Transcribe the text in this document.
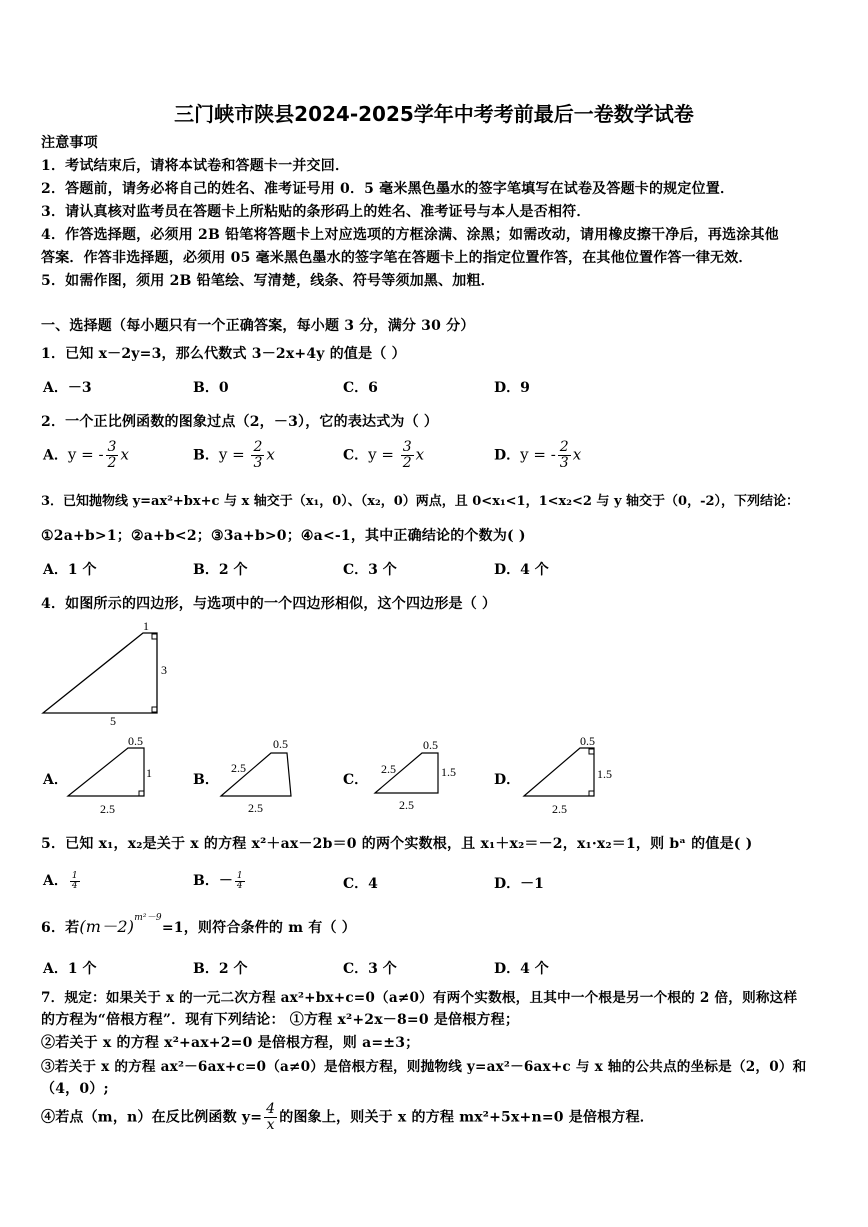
三门峡市陕县2024-2025学年中考考前最后一卷数学试卷
注意事项
1．考试结束后，请将本试卷和答题卡一并交回．
2．答题前，请务必将自己的姓名、准考证号用 0．5 毫米黑色墨水的签字笔填写在试卷及答题卡的规定位置．
3．请认真核对监考员在答题卡上所粘贴的条形码上的姓名、准考证号与本人是否相符．
4．作答选择题，必须用 2B 铅笔将答题卡上对应选项的方框涂满、涂黑；如需改动，请用橡皮擦干净后，再选涂其他
答案．作答非选择题，必须用 05 毫米黑色墨水的签字笔在答题卡上的指定位置作答，在其他位置作答一律无效．
5．如需作图，须用 2B 铅笔绘、写清楚，线条、符号等须加黑、加粗．
一、选择题（每小题只有一个正确答案，每小题 3 分，满分 30 分）
1．已知 x－2y=3，那么代数式 3－2x+4y 的值是（ ）
A．－3	B．0	C．6	D．9
2．一个正比例函数的图象过点（2，－3），它的表达式为（ ）
A．y = - $\frac{3}{2}$ x	B．$y = \frac{2}{3}$ x	C．$y = \frac{3}{2}$ x	D．y = - $\frac{2}{3}$ x
3．已知抛物线 y=ax²+bx+c 与 x 轴交于（x₁，0）、（x₂，0）两点，且 0<x₁<1，1<x₂<2 与 y 轴交于（0，-2），下列结论：
①2a+b>1；②a+b<2；③3a+b>0；④a<-1，其中正确结论的个数为( )
A．1 个	B．2 个	C．3 个	D．4 个
4．如图所示的四边形，与选项中的一个四边形相似，这个四边形是（ ）
1
3
5
A．
0.5
1
2.5
B．
0.5
2.5
2.5
C．
0.5
2.5	1.5
2.5
D．
0.5
1.5
2.5
5．已知 x₁，x₂是关于 x 的方程 x²＋ax－2b＝0 的两个实数根，且 x₁＋x₂＝－2，x₁·x₂＝1，则 bᵃ 的值是( )
A． $\frac{1}{4}$	B．－ $\frac{1}{4}$	C．4	D．－1
6．若$(m-2)^{m^2-9}=1$，则符合条件的 m 有（ ）
A．1 个	B．2 个	C．3 个	D．4 个
7．规定：如果关于 x 的一元二次方程 ax²+bx+c=0（a≠0）有两个实数根，且其中一个根是另一个根的 2 倍，则称这样
的方程为“倍根方程”．现有下列结论： ①方程 x²+2x－8=0 是倍根方程；
②若关于 x 的方程 x²+ax+2=0 是倍根方程，则 a=±3；
③若关于 x 的方程 ax²－6ax+c=0（a≠0）是倍根方程，则抛物线 y=ax²－6ax+c 与 x 轴的公共点的坐标是（2，0）和
（4，0）;
④若点（m，n）在反比例函数 $y= \frac{4}{x}$ 的图象上，则关于 x 的方程 mx²+5x+n=0 是倍根方程．
